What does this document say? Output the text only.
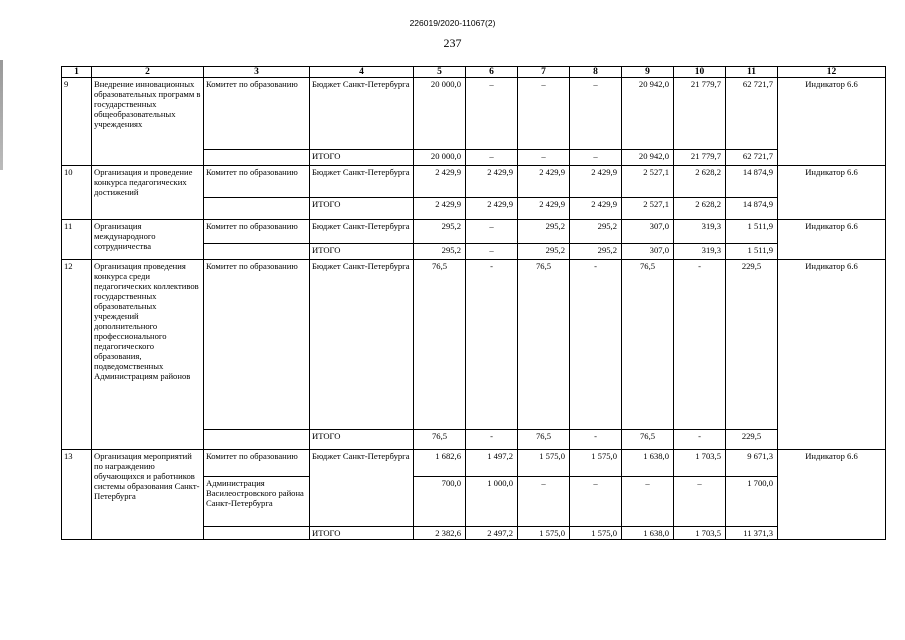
226019/2020-11067(2)
237
1	2	3	4	5	6	7	8	9	10	11	12
9	Внедрение инновационных образовательных программ в государственных общеобразовательных учреждениях	Комитет по образованию	Бюджет Санкт-Петербурга	20 000,0	–	–	–	20 942,0	21 779,7	62 721,7	Индикатор 6.6
			ИТОГО	20 000,0	–	–	–	20 942,0	21 779,7	62 721,7	
10	Организация и проведение конкурса педагогических достижений	Комитет по образованию	Бюджет Санкт-Петербурга	2 429,9	2 429,9	2 429,9	2 429,9	2 527,1	2 628,2	14 874,9	Индикатор 6.6
			ИТОГО	2 429,9	2 429,9	2 429,9	2 429,9	2 527,1	2 628,2	14 874,9	
11	Организация международного сотрудничества	Комитет по образованию	Бюджет Санкт-Петербурга	295,2	–	295,2	295,2	307,0	319,3	1 511,9	Индикатор 6.6
			ИТОГО	295,2	–	295,2	295,2	307,0	319,3	1 511,9	
12	Организация проведения конкурса среди педагогических коллективов государственных образовательных учреждений дополнительного профессионального педагогического образования, подведомственных Администрациям районов	Комитет по образованию	Бюджет Санкт-Петербурга	76,5	-	76,5	-	76,5	-	229,5	Индикатор 6.6
			ИТОГО	76,5	-	76,5	-	76,5	-	229,5	
13	Организация мероприятий по награждению обучающихся и работников системы образования Санкт-Петербурга	Комитет по образованию	Бюджет Санкт-Петербурга	1 682,6	1 497,2	1 575,0	1 575,0	1 638,0	1 703,5	9 671,3	Индикатор 6.6
		Администрация Василеостровского района Санкт-Петербурга		700,0	1 000,0	–	–	–	–	1 700,0	
			ИТОГО	2 382,6	2 497,2	1 575,0	1 575,0	1 638,0	1 703,5	11 371,3	
